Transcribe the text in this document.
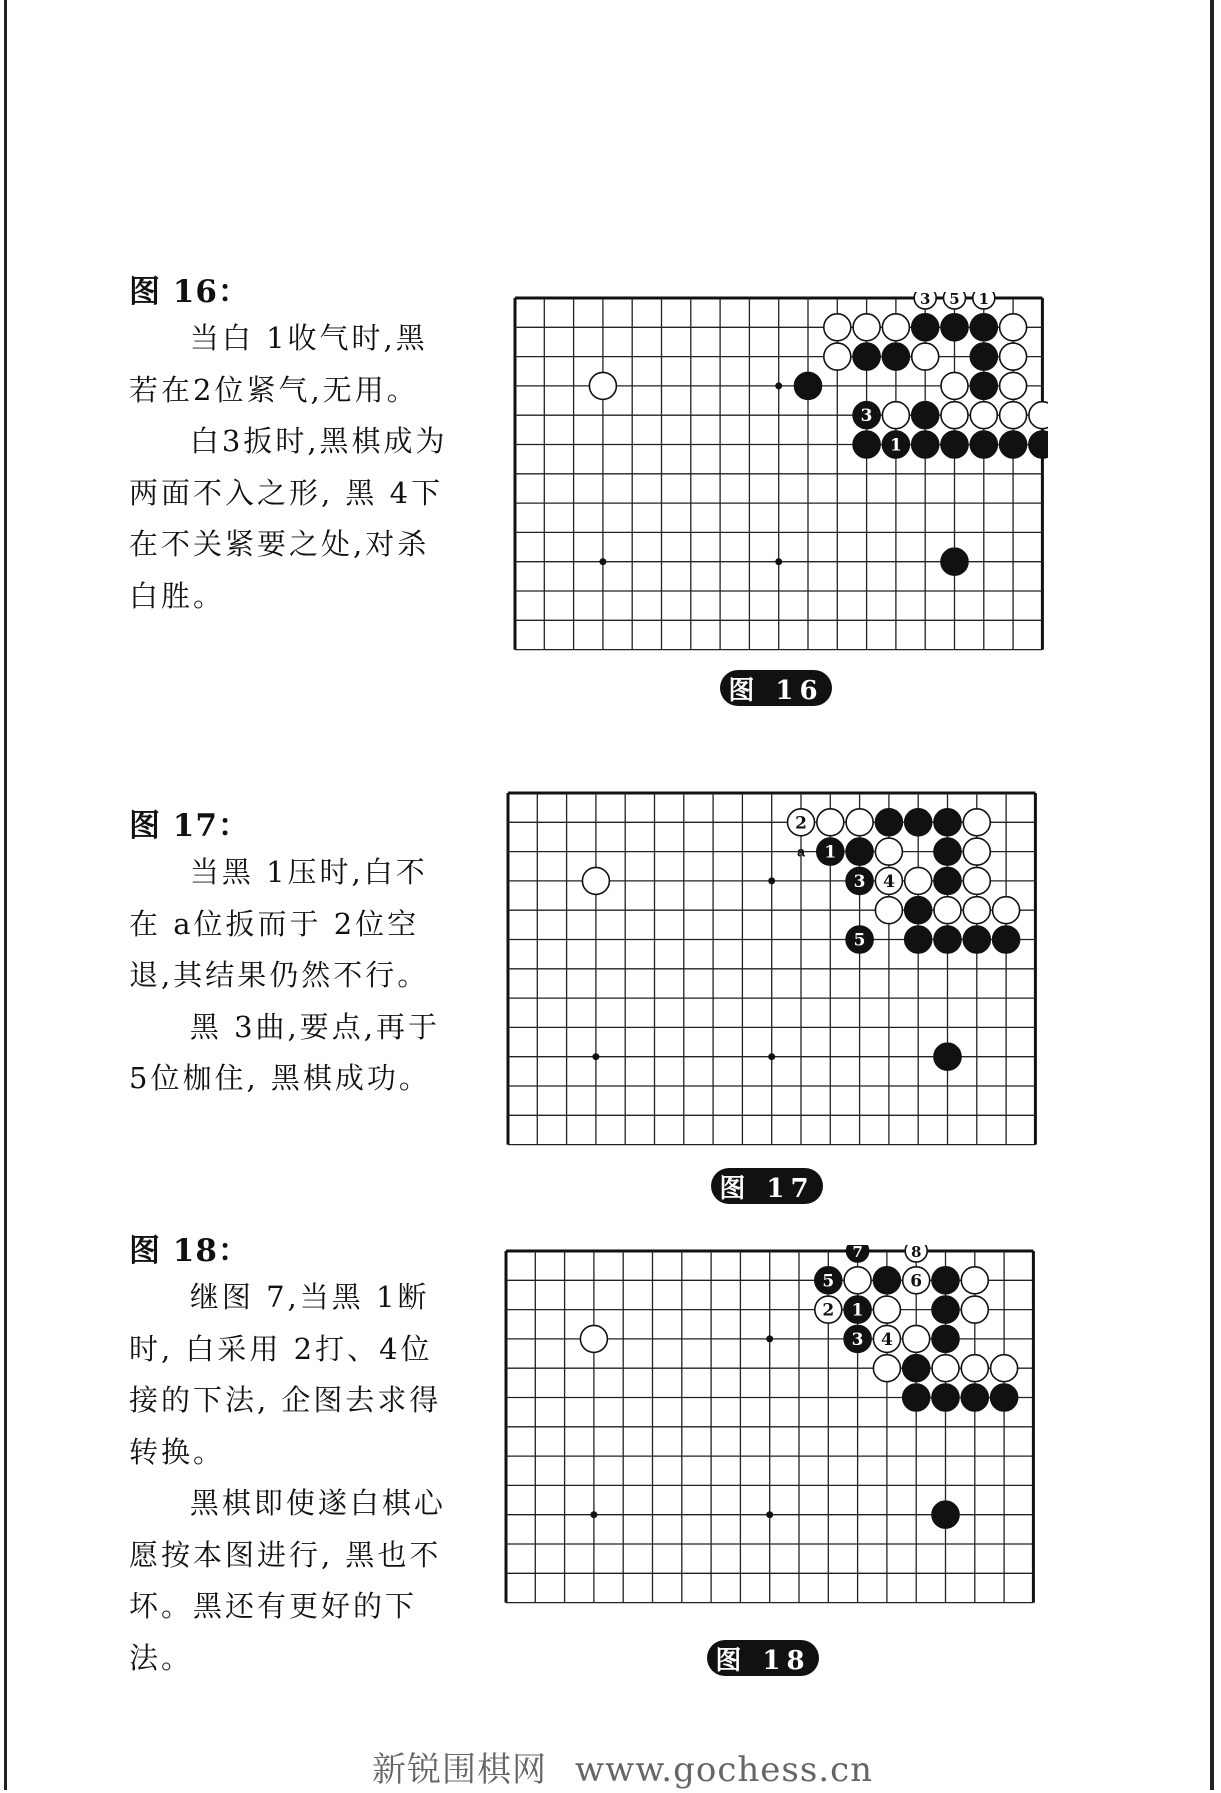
图 16：

当白 1收气时,黑若在2位紧气,无用。

白3扳时,黑棋成为两面不入之形, 黑 4下在不关紧要之处,对杀白胜。

3
1
3 5 1
图 16
图 17：

当黑 1压时,白不在 a位扳而于 2位空退,其结果仍然不行。

黑 3曲,要点,再于 5位枷住, 黑棋成功。

a
2
1
3 4
5
图 17
图 18：

继图 7,当黑 1断时, 白采用 2打、4位接的下法, 企图去求得转换。

黑棋即使遂白棋心愿按本图进行, 黑也不坏。黑还有更好的下法。

7	8
5	6
2 1
3 4
图 18
新锐围棋网 www.gochess.cn
